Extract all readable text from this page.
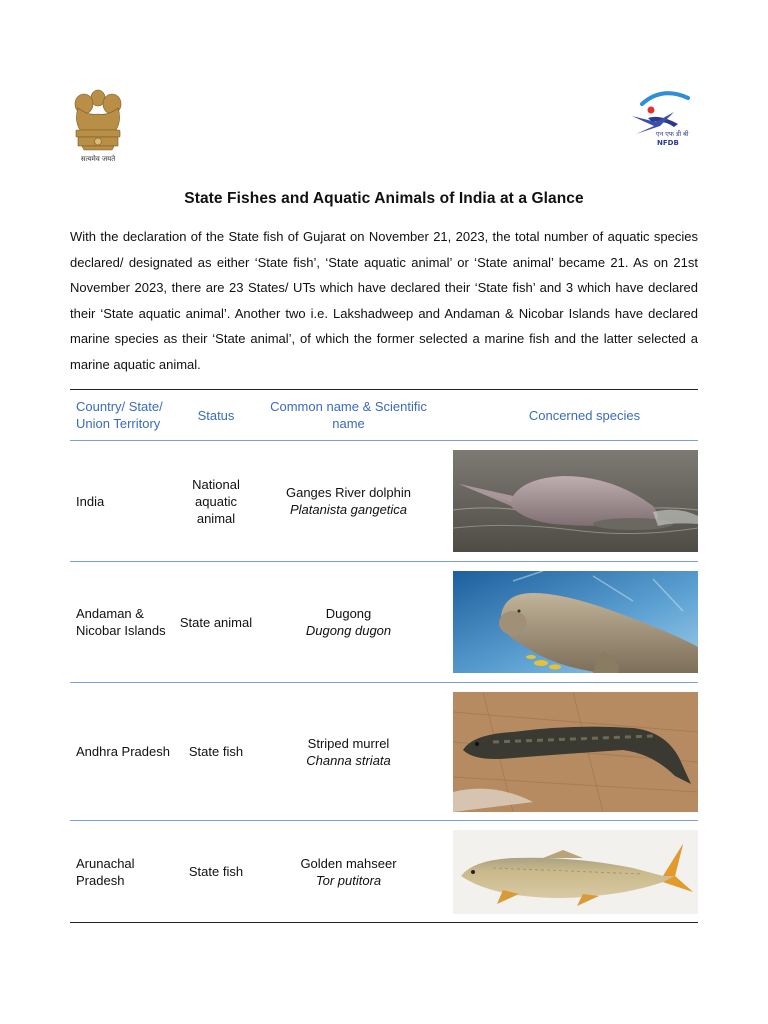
सत्यमेव जयते
एन एफ डी बी
NFDB
State Fishes and Aquatic Animals of India at a Glance
With the declaration of the State fish of Gujarat on November 21, 2023, the total number of aquatic species declared/ designated as either ‘State fish’, ‘State aquatic animal’ or ‘State animal’ became 21. As on 21st November 2023, there are 23 States/ UTs which have declared their ‘State fish’ and 3 which have declared their ‘State aquatic animal’. Another two i.e. Lakshadweep and Andaman & Nicobar Islands have declared marine species as their ‘State animal’, of which the former selected a marine fish and the latter selected a marine aquatic animal.
Country/ State/ Union Territory	Status	Common name & Scientific name	Concerned species
India	National aquatic animal	Ganges River dolphin
Platanista gangetica

Andaman & Nicobar Islands	State animal	Dugong
Dugong dugon

Andhra Pradesh	State fish	Striped murrel
Channa striata

Arunachal Pradesh	State fish	Golden mahseer
Tor putitora
